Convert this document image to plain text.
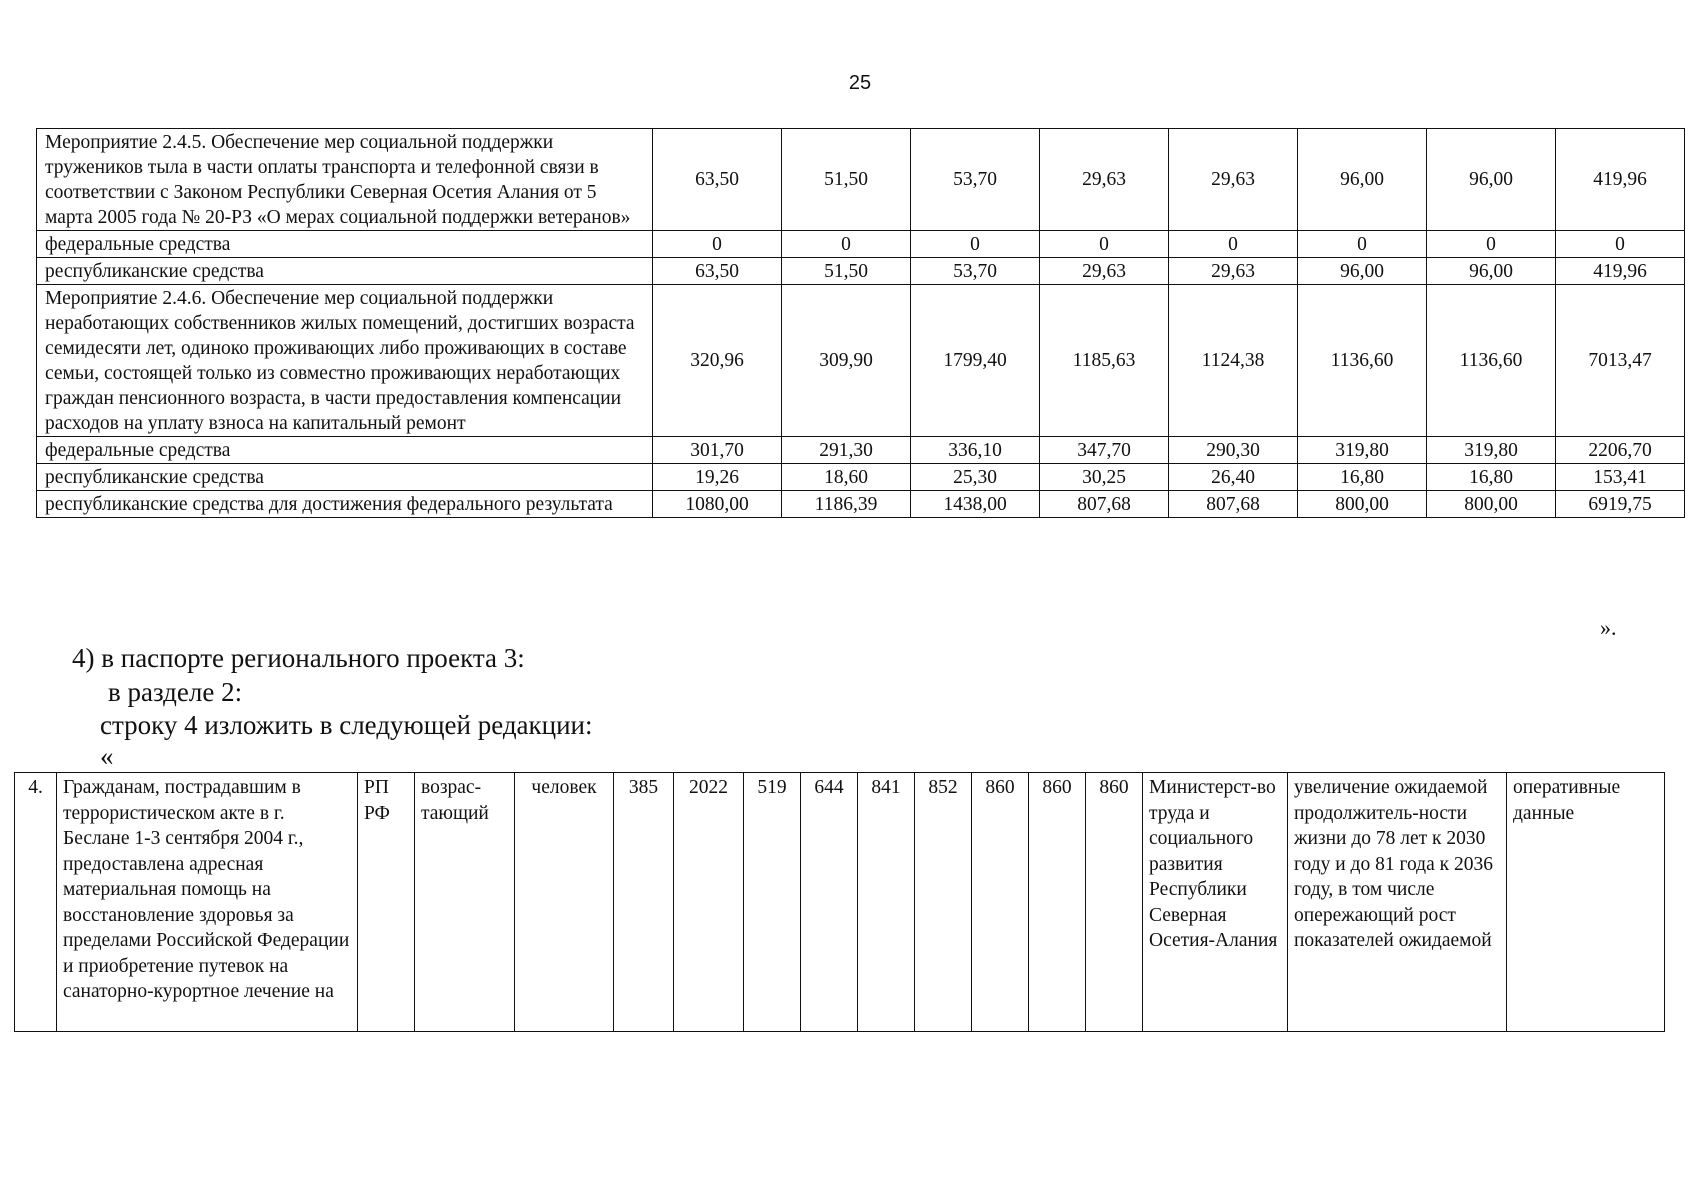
25
Мероприятие 2.4.5. Обеспечение мер социальной поддержки тружеников тыла в части оплаты транспорта и телефонной связи в соответствии с Законом Республики Северная Осетия Алания от 5 марта 2005 года № 20-РЗ «О мерах социальной поддержки ветеранов»	63,50	51,50	53,70	29,63	29,63	96,00	96,00	419,96
федеральные средства	0	0	0	0	0	0	0	0
республиканские средства	63,50	51,50	53,70	29,63	29,63	96,00	96,00	419,96
Мероприятие 2.4.6. Обеспечение мер социальной поддержки неработающих собственников жилых помещений, достигших возраста семидесяти лет, одиноко проживающих либо проживающих в составе семьи, состоящей только из совместно проживающих неработающих граждан пенсионного возраста, в части предоставления компенсации расходов на уплату взноса на капитальный ремонт	320,96	309,90	1799,40	1185,63	1124,38	1136,60	1136,60	7013,47
федеральные средства	301,70	291,30	336,10	347,70	290,30	319,80	319,80	2206,70
республиканские средства	19,26	18,60	25,30	30,25	26,40	16,80	16,80	153,41
республиканские средства для достижения федерального результата	1080,00	1186,39	1438,00	807,68	807,68	800,00	800,00	6919,75
».
4) в паспорте регионального проекта 3:
в разделе 2:
строку 4 изложить в следующей редакции:
«
4.	Гражданам, пострадавшим в террористическом акте в г. Беслане 1-3 сентября 2004 г., предоставлена адресная материальная помощь на восстановление здоровья за пределами Российской Федерации и приобретение путевок на санаторно-курортное лечение на	РП РФ	возрас-тающий	человек	385	2022	519	644	841	852	860	860	860	Министерст-во труда и социального развития Республики Северная Осетия-Алания	увеличение ожидаемой продолжитель-ности жизни до 78 лет к 2030 году и до 81 года к 2036 году, в том числе опережающий рост показателей ожидаемой	оперативные данные
